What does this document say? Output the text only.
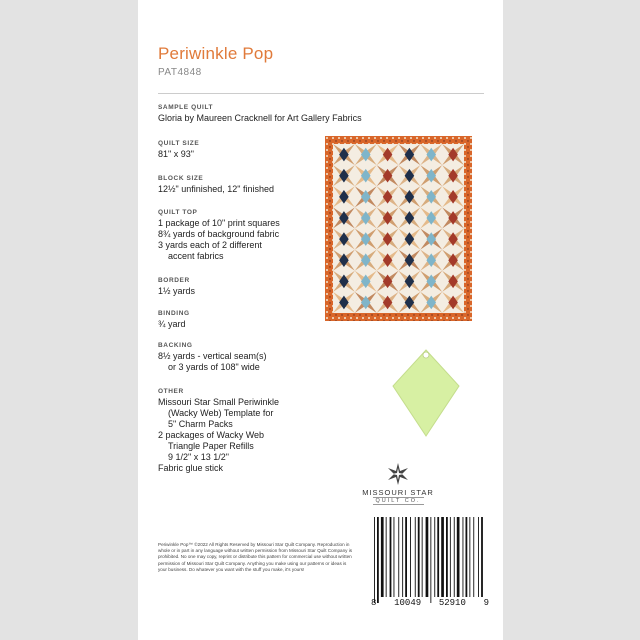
Periwinkle Pop
PAT4848
SAMPLE QUILT
Gloria by Maureen Cracknell for Art Gallery Fabrics
QUILT SIZE
81" x 93"
BLOCK SIZE
12½" unfinished, 12" finished
QUILT TOP
1 package of 10" print squares
8¾ yards of background fabric
3 yards each of 2 different
accent fabrics
BORDER
1½ yards
BINDING
¾ yard
BACKING
8½ yards - vertical seam(s)
or 3 yards of 108" wide
OTHER
Missouri Star Small Periwinkle
(Wacky Web) Template for
5" Charm Packs
2 packages of Wacky Web
Triangle Paper Refills
9 1/2" x 13 1/2"
Fabric glue stick
MISSOURI STAR
QUILT CO.
Periwinkle Pop™ ©2022 All Rights Reserved by Missouri Star Quilt Company. Reproduction in whole or in part in any language without written permission from Missouri Star Quilt Company is prohibited. No one may copy, reprint or distribute this pattern for commercial use without written permission of Missouri Star Quilt Company. Anything you make using our patterns or ideas is your business. Do whatever you want with the stuff you make, it's yours!
8 10049 52910 9
